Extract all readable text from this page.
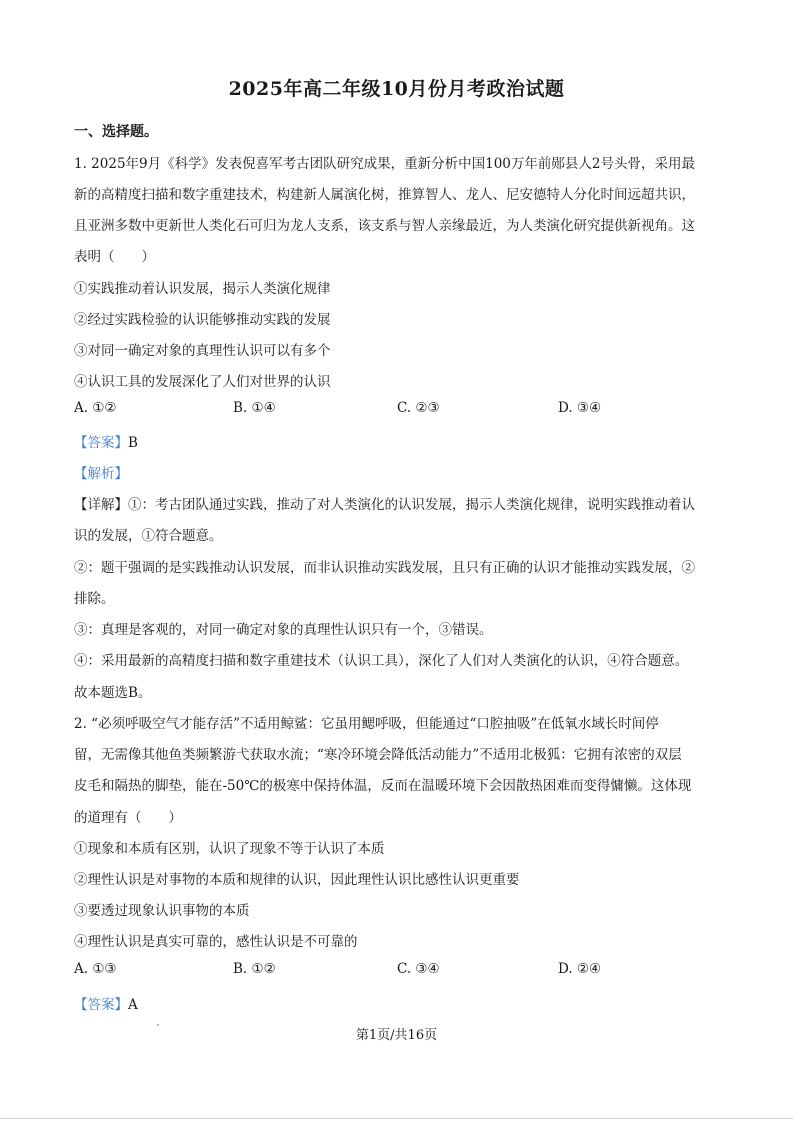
2025年高二年级10月份月考政治试题
一、选择题。
1. 2025年9月《科学》发表倪喜军考古团队研究成果，重新分析中国100万年前郧县人2号头骨，采用最
新的高精度扫描和数字重建技术，构建新人属演化树，推算智人、龙人、尼安德特人分化时间远超共识，
且亚洲多数中更新世人类化石可归为龙人支系，该支系与智人亲缘最近，为人类演化研究提供新视角。这
表明（　　）
①实践推动着认识发展，揭示人类演化规律
②经过实践检验的认识能够推动实践的发展
③对同一确定对象的真理性认识可以有多个
④认识工具的发展深化了人们对世界的认识
A. ①②	B. ①④	C. ②③	D. ③④
【答案】B
【解析】
【详解】①：考古团队通过实践，推动了对人类演化的认识发展，揭示人类演化规律，说明实践推动着认
识的发展，①符合题意。
②：题干强调的是实践推动认识发展，而非认识推动实践发展，且只有正确的认识才能推动实践发展，②
排除。
③：真理是客观的，对同一确定对象的真理性认识只有一个，③错误。
④：采用最新的高精度扫描和数字重建技术（认识工具），深化了人们对人类演化的认识，④符合题意。
故本题选B。
2. “必须呼吸空气才能存活”不适用鲸鲨：它虽用鳃呼吸，但能通过“口腔抽吸”在低氧水域长时间停
留，无需像其他鱼类频繁游弋获取水流；“寒冷环境会降低活动能力”不适用北极狐：它拥有浓密的双层
皮毛和隔热的脚垫，能在-50℃的极寒中保持体温，反而在温暖环境下会因散热困难而变得慵懒。这体现
的道理有（　　）
①现象和本质有区别，认识了现象不等于认识了本质
②理性认识是对事物的本质和规律的认识，因此理性认识比感性认识更重要
③要透过现象认识事物的本质
④理性认识是真实可靠的，感性认识是不可靠的
A. ①③	B. ①②	C. ③④	D. ②④
【答案】A
第1页/共16页
